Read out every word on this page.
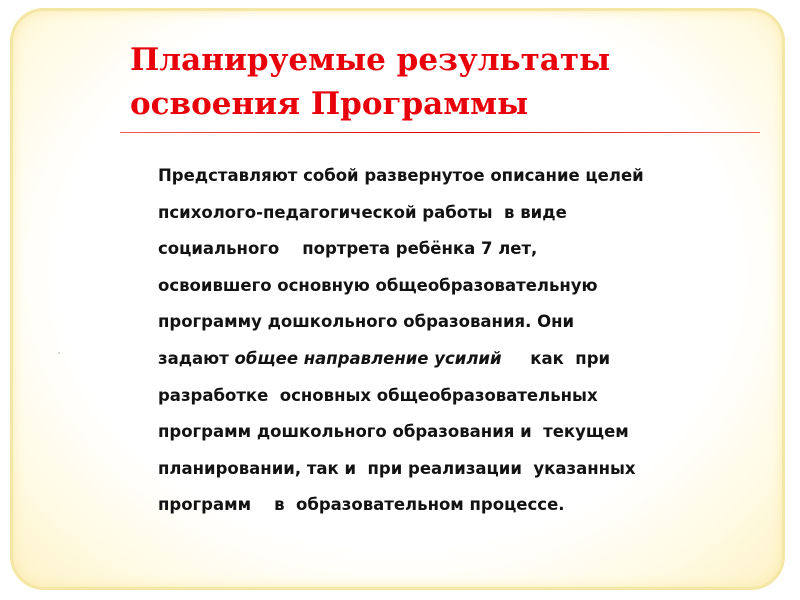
Планируемые результаты
освоения Программы

Представляют собой развернутое описание целей
психолого-педагогической работы  в виде
социального    портрета ребёнка 7 лет,
освоившего основную общеобразовательную
программу дошкольного образования. Они
задают общее направление усилий     как  при
разработке  основных общеобразовательных
программ дошкольного образования и  текущем
планировании, так и  при реализации  указанных
программ    в  образовательном процессе.
